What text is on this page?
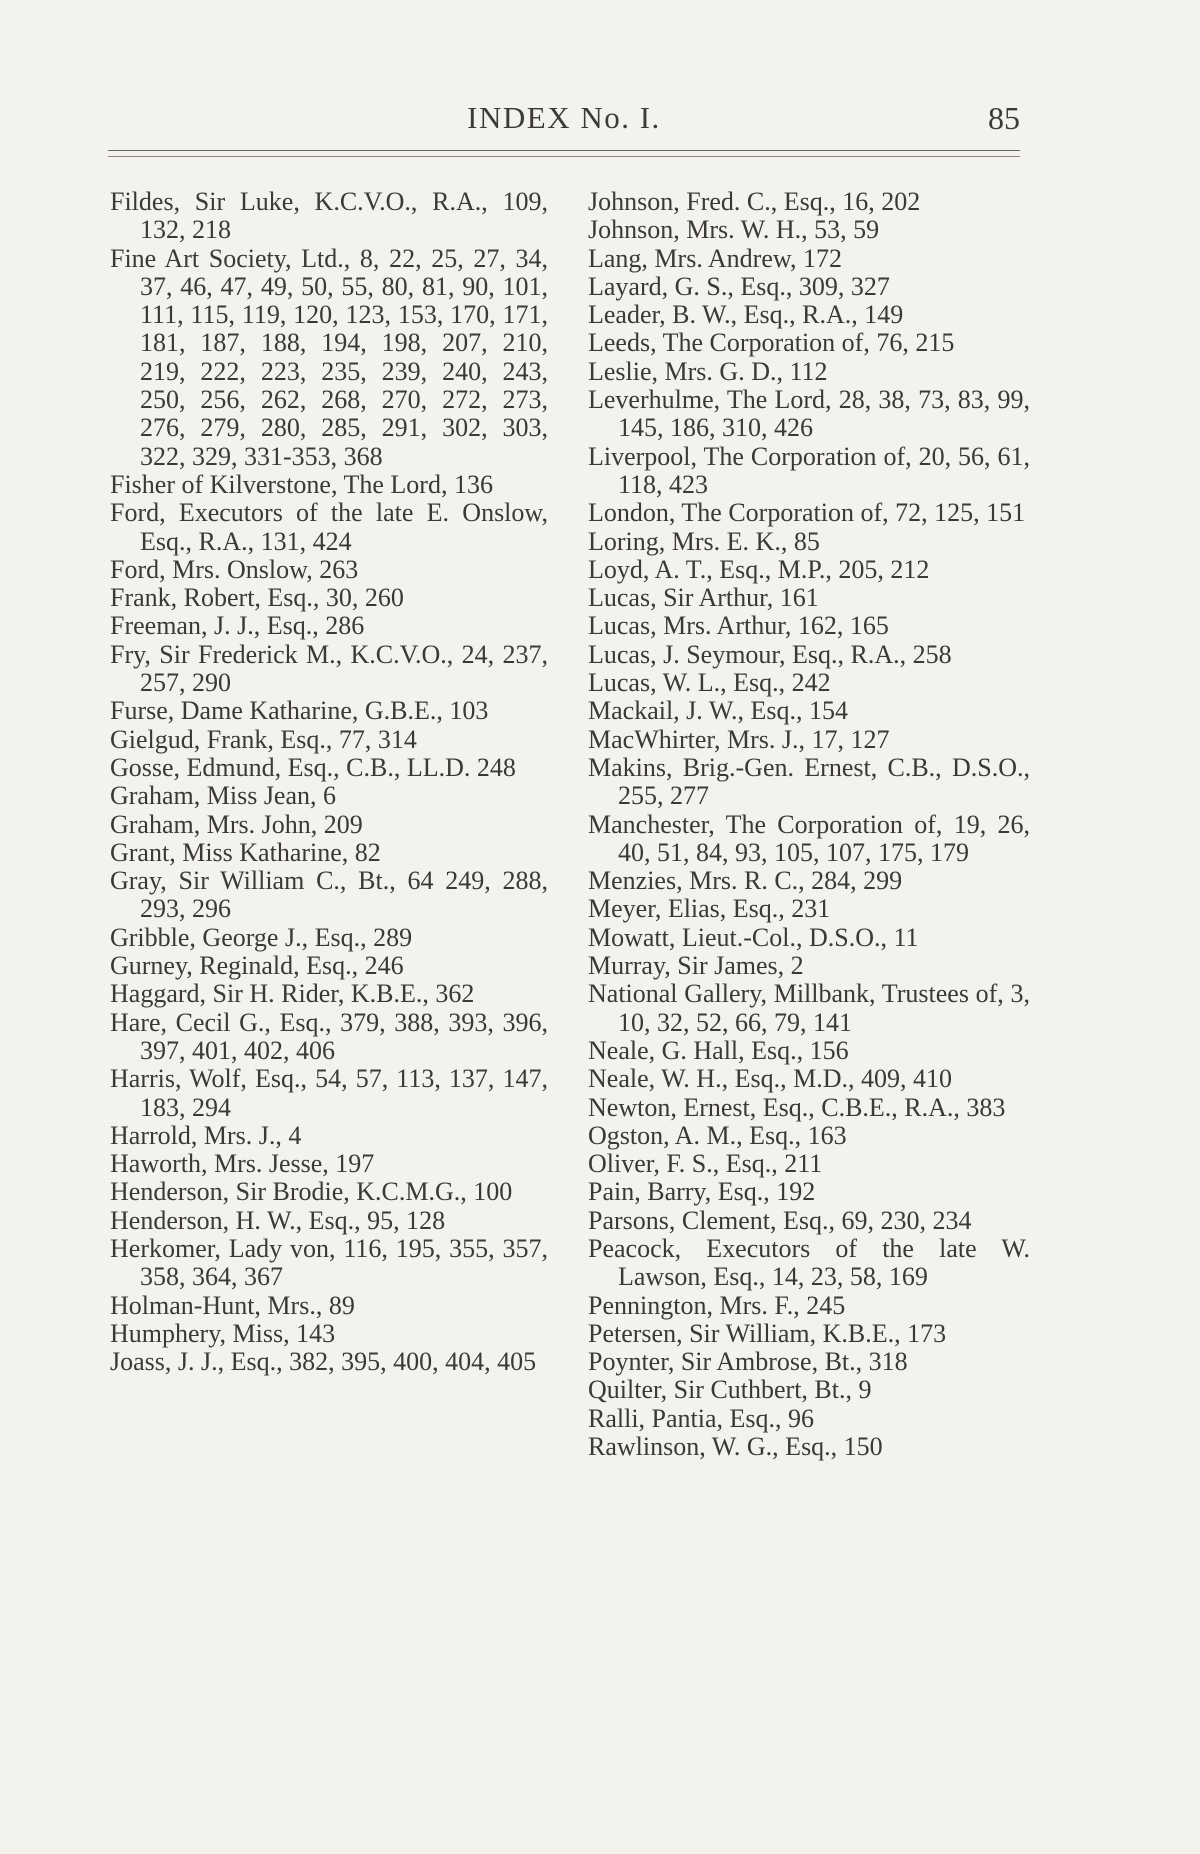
INDEX No. I.	85

Fildes, Sir Luke, K.C.V.O., R.A., 109, 132, 218

Fine Art Society, Ltd., 8, 22, 25, 27, 34, 37, 46, 47, 49, 50, 55, 80, 81, 90, 101, 111, 115, 119, 120, 123, 153, 170, 171, 181, 187, 188, 194, 198, 207, 210, 219, 222, 223, 235, 239, 240, 243, 250, 256, 262, 268, 270, 272, 273, 276, 279, 280, 285, 291, 302, 303, 322, 329, 331-353, 368

Fisher of Kilverstone, The Lord, 136

Ford, Executors of the late E. Onslow, Esq., R.A., 131, 424

Ford, Mrs. Onslow, 263

Frank, Robert, Esq., 30, 260

Freeman, J. J., Esq., 286

Fry, Sir Frederick M., K.C.V.O., 24, 237, 257, 290

Furse, Dame Katharine, G.B.E., 103

Gielgud, Frank, Esq., 77, 314

Gosse, Edmund, Esq., C.B., LL.D. 248

Graham, Miss Jean, 6

Graham, Mrs. John, 209

Grant, Miss Katharine, 82

Gray, Sir William C., Bt., 64 249, 288, 293, 296

Gribble, George J., Esq., 289

Gurney, Reginald, Esq., 246

Haggard, Sir H. Rider, K.B.E., 362

Hare, Cecil G., Esq., 379, 388, 393, 396, 397, 401, 402, 406

Harris, Wolf, Esq., 54, 57, 113, 137, 147, 183, 294

Harrold, Mrs. J., 4

Haworth, Mrs. Jesse, 197

Henderson, Sir Brodie, K.C.M.G., 100

Henderson, H. W., Esq., 95, 128

Herkomer, Lady von, 116, 195, 355, 357, 358, 364, 367

Holman-Hunt, Mrs., 89

Humphery, Miss, 143

Joass, J. J., Esq., 382, 395, 400, 404, 405

Johnson, Fred. C., Esq., 16, 202

Johnson, Mrs. W. H., 53, 59

Lang, Mrs. Andrew, 172

Layard, G. S., Esq., 309, 327

Leader, B. W., Esq., R.A., 149

Leeds, The Corporation of, 76, 215

Leslie, Mrs. G. D., 112

Leverhulme, The Lord, 28, 38, 73, 83, 99, 145, 186, 310, 426

Liverpool, The Corporation of, 20, 56, 61, 118, 423

London, The Corporation of, 72, 125, 151

Loring, Mrs. E. K., 85

Loyd, A. T., Esq., M.P., 205, 212

Lucas, Sir Arthur, 161

Lucas, Mrs. Arthur, 162, 165

Lucas, J. Seymour, Esq., R.A., 258

Lucas, W. L., Esq., 242

Mackail, J. W., Esq., 154

MacWhirter, Mrs. J., 17, 127

Makins, Brig.-Gen. Ernest, C.B., D.S.O., 255, 277

Manchester, The Corporation of, 19, 26, 40, 51, 84, 93, 105, 107, 175, 179

Menzies, Mrs. R. C., 284, 299

Meyer, Elias, Esq., 231

Mowatt, Lieut.-Col., D.S.O., 11

Murray, Sir James, 2

National Gallery, Millbank, Trustees of, 3, 10, 32, 52, 66, 79, 141

Neale, G. Hall, Esq., 156

Neale, W. H., Esq., M.D., 409, 410

Newton, Ernest, Esq., C.B.E., R.A., 383

Ogston, A. M., Esq., 163

Oliver, F. S., Esq., 211

Pain, Barry, Esq., 192

Parsons, Clement, Esq., 69, 230, 234

Peacock, Executors of the late W. Lawson, Esq., 14, 23, 58, 169

Pennington, Mrs. F., 245

Petersen, Sir William, K.B.E., 173

Poynter, Sir Ambrose, Bt., 318

Quilter, Sir Cuthbert, Bt., 9

Ralli, Pantia, Esq., 96

Rawlinson, W. G., Esq., 150
